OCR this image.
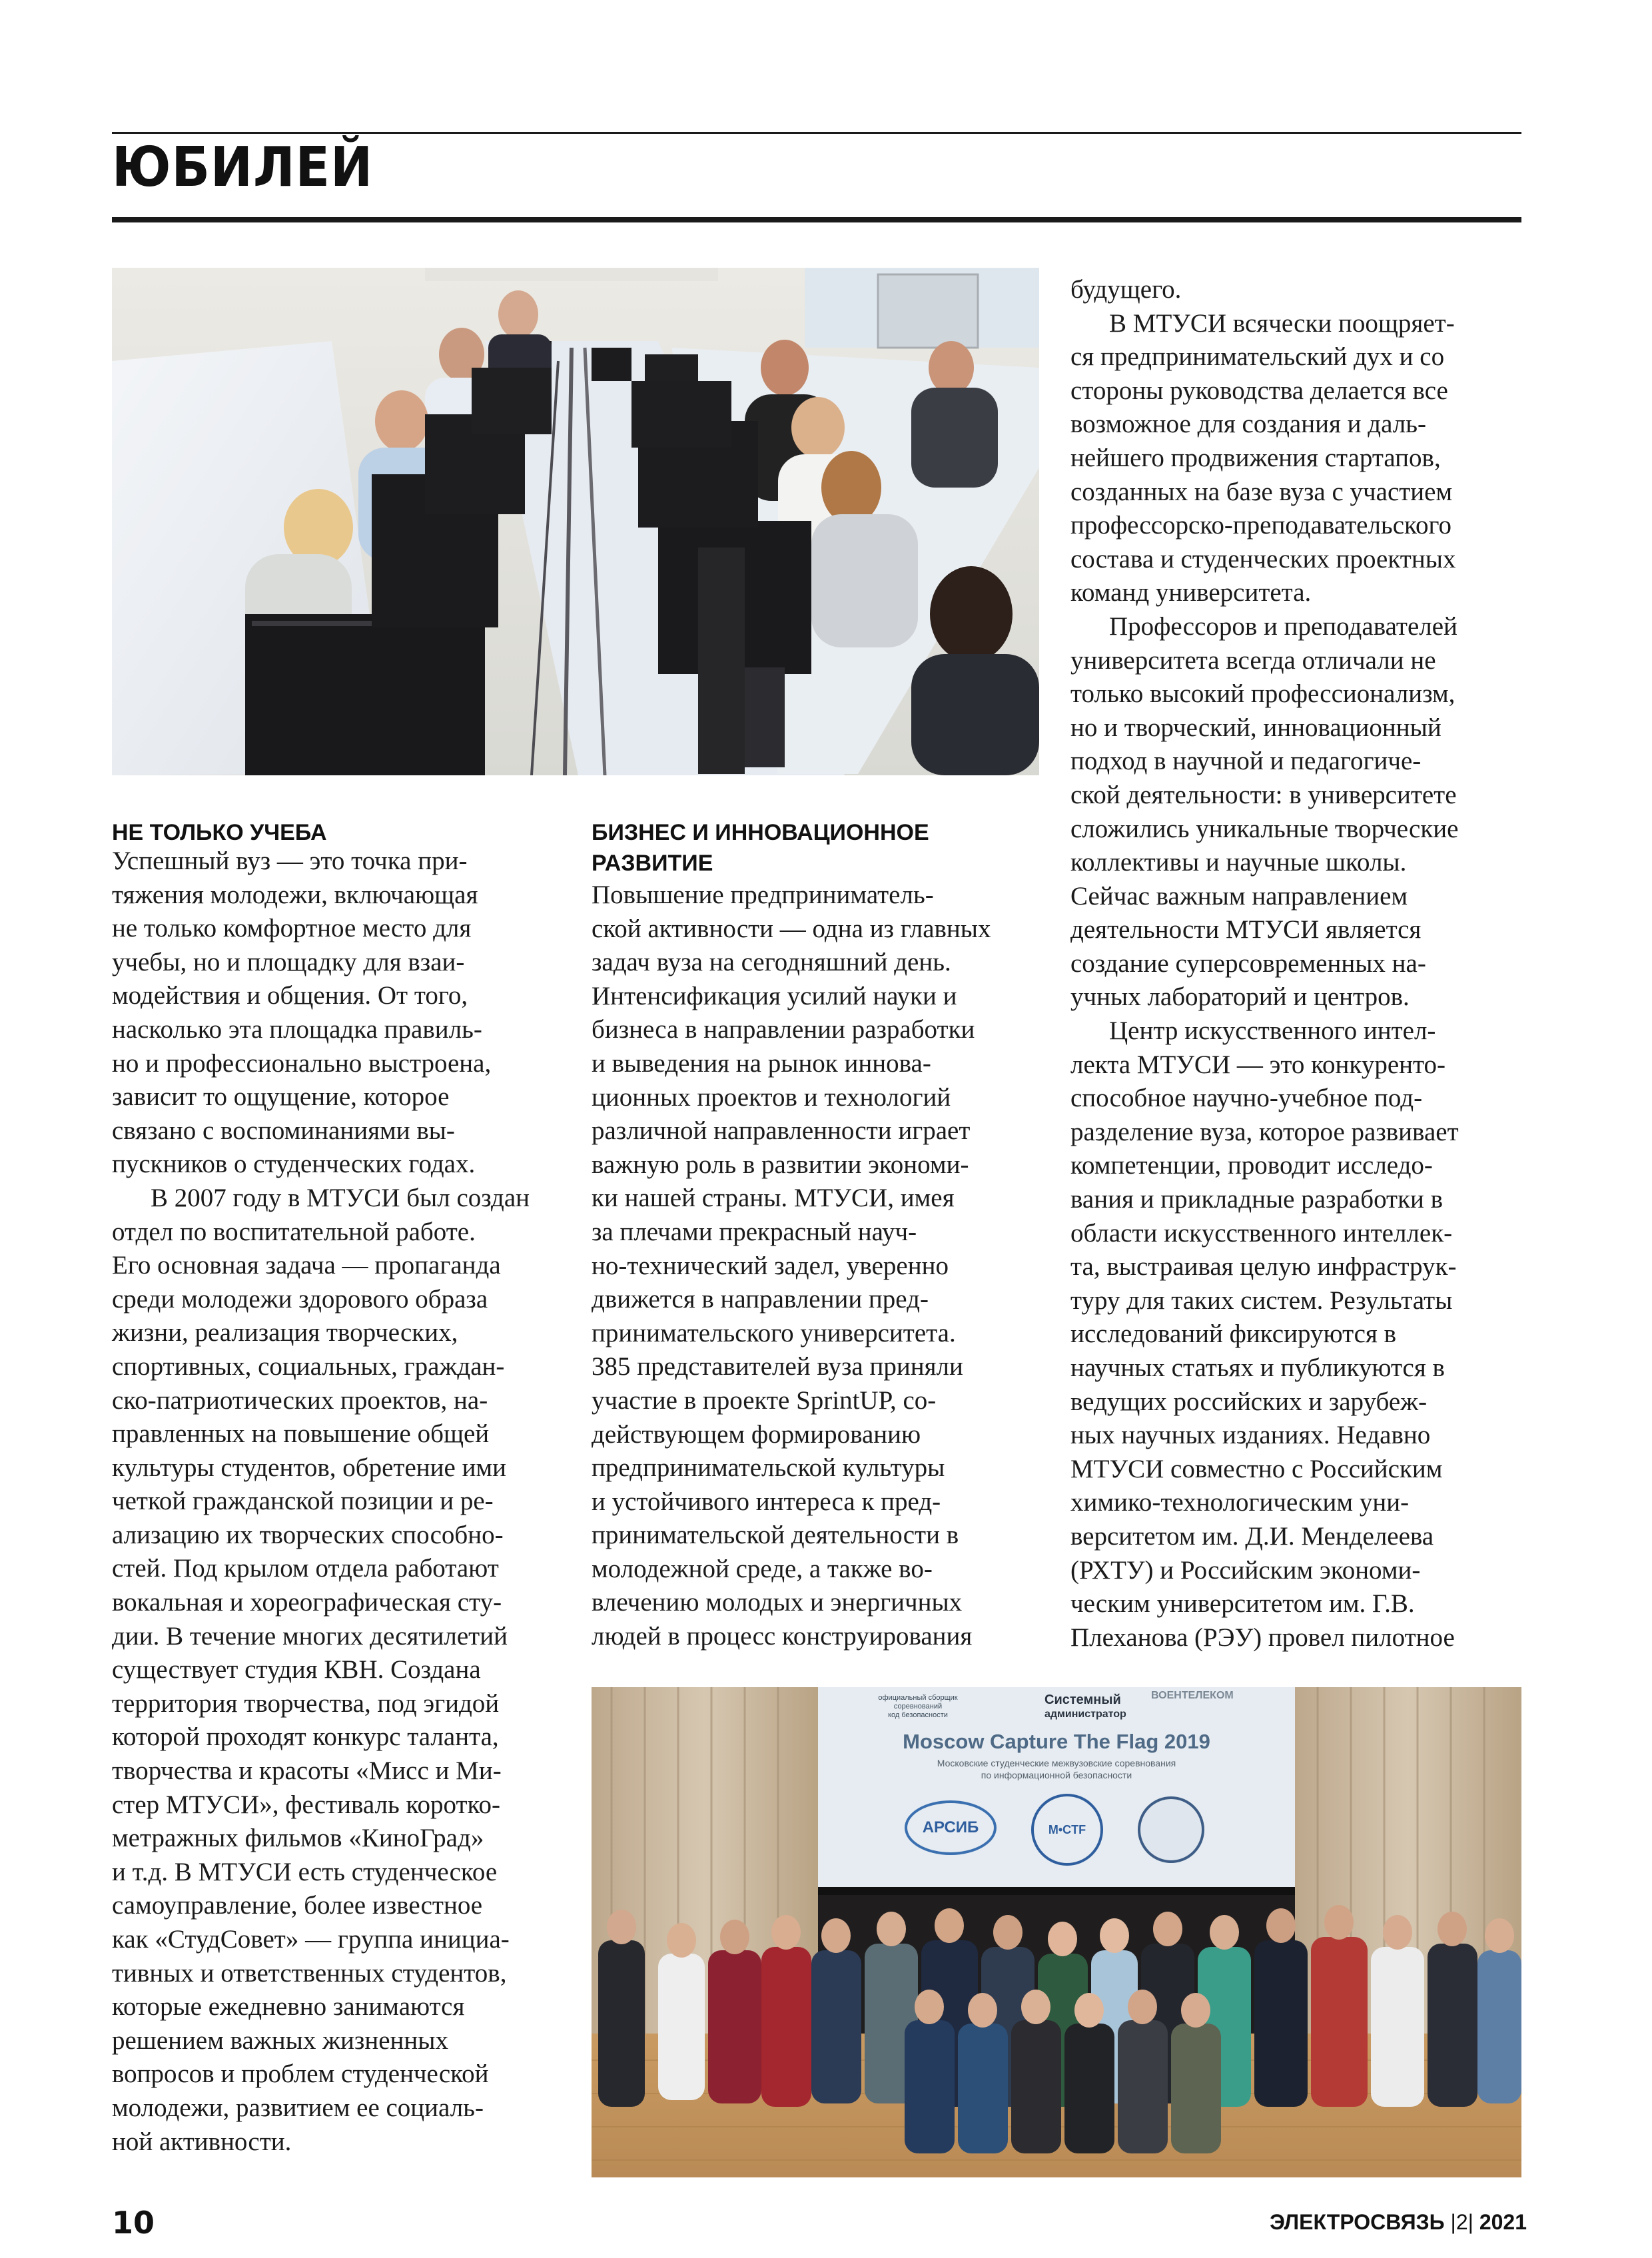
ЮБИЛЕЙ
НЕ ТОЛЬКО УЧЕБА

Успешный вуз — это точка при-

тяжения молодежи, включающая

не только комфортное место для

учебы, но и площадку для взаи-

модействия и общения. От того,

насколько эта площадка правиль-

но и профессионально выстроена,

зависит то ощущение, которое

связано с воспоминаниями вы-

пускников о студенческих годах.

В 2007 году в МТУСИ был создан

отдел по воспитательной работе.

Его основная задача — пропаганда

среди молодежи здорового образа

жизни, реализация творческих,

спортивных, социальных, граждан-

ско-патриотических проектов, на-

правленных на повышение общей

культуры студентов, обретение ими

четкой гражданской позиции и ре-

ализацию их творческих способно-

стей. Под крылом отдела работают

вокальная и хореографическая сту-

дии. В течение многих десятилетий

существует студия КВН. Создана

территория творчества, под эгидой

которой проходят конкурс таланта,

творчества и красоты «Мисс и Ми-

стер МТУСИ», фестиваль коротко-

метражных фильмов «КиноГрад»

и т.д. В МТУСИ есть студенческое

самоуправление, более известное

как «СтудСовет» — группа инициа-

тивных и ответственных студентов,

которые ежедневно занимаются

решением важных жизненных

вопросов и проблем студенческой

молодежи, развитием ее социаль-

ной активности.

БИЗНЕС И ИННОВАЦИОННОЕ
РАЗВИТИЕ

Повышение предприниматель-

ской активности — одна из главных

задач вуза на сегодняшний день.

Интенсификация усилий науки и

бизнеса в направлении разработки

и выведения на рынок иннова-

ционных проектов и технологий

различной направленности играет

важную роль в развитии экономи-

ки нашей страны. МТУСИ, имея

за плечами прекрасный науч-

но-технический задел, уверенно

движется в направлении пред-

принимательского университета.

385 представителей вуза приняли

участие в проекте SprintUP, со-

действующем формированию

предпринимательской культуры

и устойчивого интереса к пред-

принимательской деятельности в

молодежной среде, а также во-

влечению молодых и энергичных

людей в процесс конструирования

будущего.

В МТУСИ всячески поощряет-

ся предпринимательский дух и со

стороны руководства делается все

возможное для создания и даль-

нейшего продвижения стартапов,

созданных на базе вуза с участием

профессорско-преподавательского

состава и студенческих проектных

команд университета.

Профессоров и преподавателей

университета всегда отличали не

только высокий профессионализм,

но и творческий, инновационный

подход в научной и педагогиче-

ской деятельности: в университете

сложились уникальные творческие

коллективы и научные школы.

Сейчас важным направлением

деятельности МТУСИ является

создание суперсовременных на-

учных лабораторий и центров.

Центр искусственного интел-

лекта МТУСИ — это конкуренто-

способное научно-учебное под-

разделение вуза, которое развивает

компетенции, проводит исследо-

вания и прикладные разработки в

области искусственного интеллек-

та, выстраивая целую инфраструк-

туру для таких систем. Результаты

исследований фиксируются в

научных статьях и публикуются в

ведущих российских и зарубеж-

ных научных изданиях. Недавно

МТУСИ совместно с Российским

химико-технологическим уни-

верситетом им. Д.И. Менделеева

(РХТУ) и Российским экономи-

ческим университетом им. Г.В.

Плеханова (РЭУ) провел пилотное

официальный сборщик
соревнований
код безопасности
Системный
администратор
ВОЕНТЕЛЕКОМ
Moscow Capture The Flag 2019
Московские студенческие межвузовские соревнования
по информационной безопасности
АРСИБ	M•CTF
10	ЭЛЕКТРОСВЯЗЬ |2| 2021
